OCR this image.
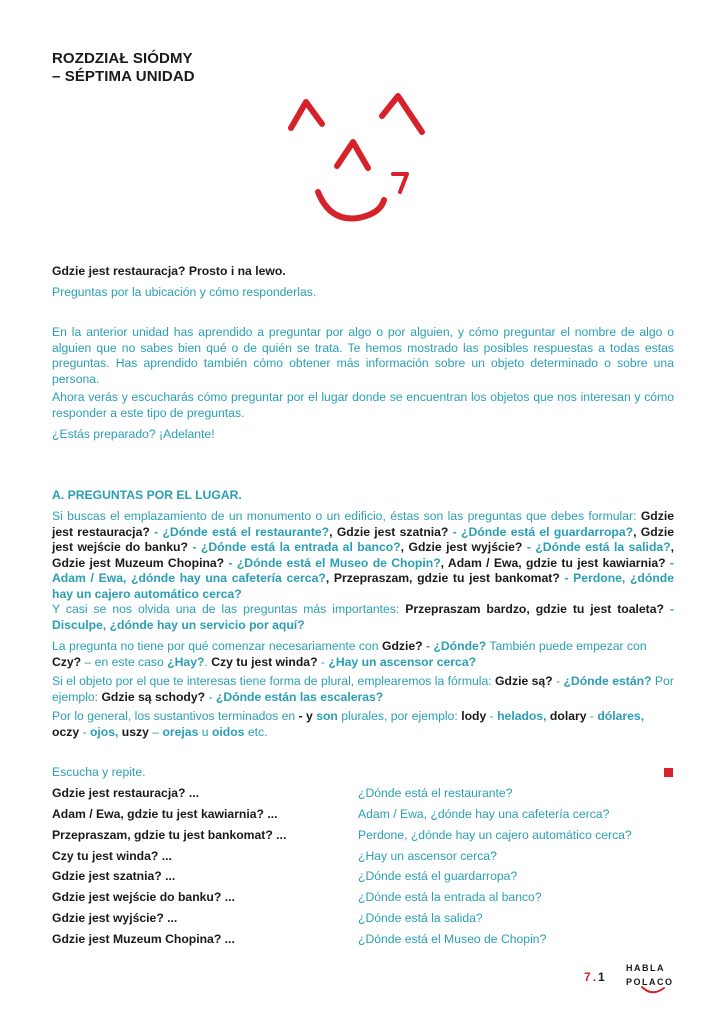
ROZDZIAŁ SIÓDMY
– SÉPTIMA UNIDAD
Gdzie jest restauracja? Prosto i na lewo.
Preguntas por la ubicación y cómo responderlas.
En la anterior unidad has aprendido a preguntar por algo o por alguien, y cómo preguntar el nombre de algo o alguien que no sabes bien qué o de quién se trata. Te hemos mostrado las posibles respuestas a todas estas preguntas. Has aprendido también cómo obtener más información sobre un objeto determinado o sobre una persona.
Ahora verás y escucharás cómo preguntar por el lugar donde se encuentran los objetos que nos interesan y cómo responder a este tipo de preguntas.
¿Estás preparado? ¡Adelante!
A. PREGUNTAS POR EL LUGAR.
Si buscas el emplazamiento de un monumento o un edificio, éstas son las preguntas que debes formular: Gdzie jest restauracja? - ¿Dónde está el restaurante?, Gdzie jest szatnia? - ¿Dónde está el guardarropa?, Gdzie jest wejście do banku? - ¿Dónde está la entrada al banco?, Gdzie jest wyjście? - ¿Dónde está la salida?, Gdzie jest Muzeum Chopina? - ¿Dónde está el Museo de Chopin?, Adam / Ewa, gdzie tu jest kawiarnia? - Adam / Ewa, ¿dónde hay una cafetería cerca?, Przepraszam, gdzie tu jest bankomat? - Perdone, ¿dónde hay un cajero automático cerca?
Y casi se nos olvida una de las preguntas más importantes: Przepraszam bardzo, gdzie tu jest toaleta? - Disculpe, ¿dónde hay un servicio por aquí?
La pregunta no tiene por qué comenzar necesariamente con Gdzie? - ¿Dónde? También puede empezar con Czy? – en este caso ¿Hay?. Czy tu jest winda? - ¿Hay un ascensor cerca?
Si el objeto por el que te interesas tiene forma de plural, emplearemos la fórmula: Gdzie są? - ¿Dónde están? Por ejemplo: Gdzie są schody? - ¿Dónde están las escaleras?
Por lo general, los sustantivos terminados en - y son plurales, por ejemplo: lody - helados, dolary - dólares, oczy - ojos, uszy – orejas u oidos etc.
Escucha y repite.
Gdzie jest restauracja? ...	¿Dónde está el restaurante?
Adam / Ewa, gdzie tu jest kawiarnia? ...	Adam / Ewa, ¿dónde hay una cafetería cerca?
Przepraszam, gdzie tu jest bankomat? ...	Perdone, ¿dónde hay un cajero automático cerca?
Czy tu jest winda? ...	¿Hay un ascensor cerca?
Gdzie jest szatnia? ...	¿Dónde está el guardarropa?
Gdzie jest wejście do banku? ...	¿Dónde está la entrada al banco?
Gdzie jest wyjście? ...	¿Dónde está la salida?
Gdzie jest Muzeum Chopina? ...	¿Dónde está el Museo de Chopin?
7 . 1
HABLA
POLACO
